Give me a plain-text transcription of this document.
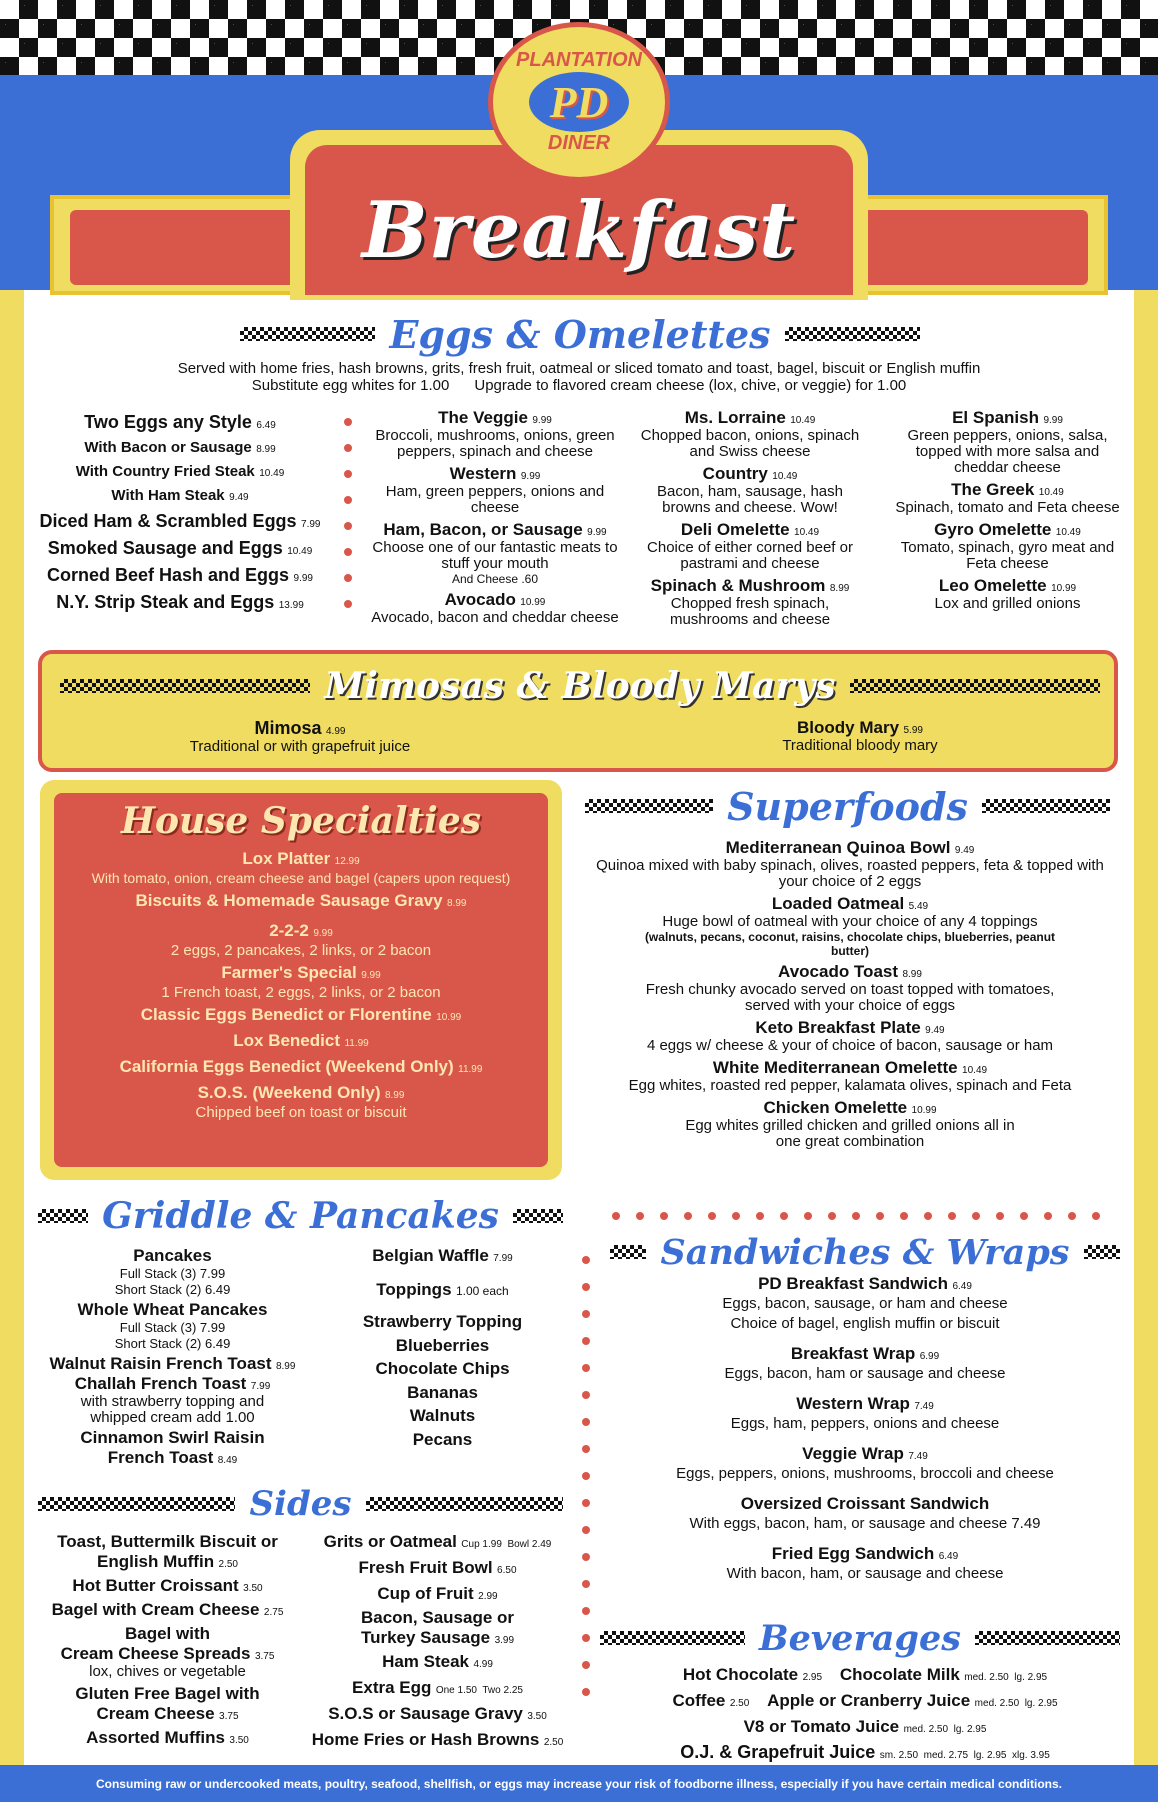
PLANTATION
PD
DINER
Breakfast
Eggs & Omelettes
Served with home fries, hash browns, grits, fresh fruit, oatmeal or sliced tomato and toast, bagel, biscuit or English muffin
Substitute egg whites for 1.00      Upgrade to flavored cream cheese (lox, chive, or veggie) for 1.00
Two Eggs any Style 6.49
With Bacon or Sausage 8.99
With Country Fried Steak 10.49
With Ham Steak 9.49
Diced Ham & Scrambled Eggs 7.99
Smoked Sausage and Eggs 10.49
Corned Beef Hash and Eggs 9.99
N.Y. Strip Steak and Eggs 13.99
The Veggie 9.99
Broccoli, mushrooms, onions, green peppers, spinach and cheese
Western 9.99
Ham, green peppers, onions and cheese
Ham, Bacon, or Sausage 9.99
Choose one of our fantastic meats to stuff your mouth
And Cheese .60
Avocado 10.99
Avocado, bacon and cheddar cheese
Ms. Lorraine 10.49
Chopped bacon, onions, spinach and Swiss cheese
Country 10.49
Bacon, ham, sausage, hash browns and cheese. Wow!
Deli Omelette 10.49
Choice of either corned beef or pastrami and cheese
Spinach & Mushroom 8.99
Chopped fresh spinach, mushrooms and cheese
El Spanish 9.99
Green peppers, onions, salsa, topped with more salsa and cheddar cheese
The Greek 10.49
Spinach, tomato and Feta cheese
Gyro Omelette 10.49
Tomato, spinach, gyro meat and Feta cheese
Leo Omelette 10.99
Lox and grilled onions
Mimosas & Bloody Marys
Mimosa 4.99
Traditional or with grapefruit juice
Bloody Mary 5.99
Traditional bloody mary
House Specialties
Lox Platter 12.99
With tomato, onion, cream cheese and bagel (capers upon request)
Biscuits & Homemade Sausage Gravy 8.99
2-2-2 9.99
2 eggs, 2 pancakes, 2 links, or 2 bacon
Farmer's Special 9.99
1 French toast, 2 eggs, 2 links, or 2 bacon
Classic Eggs Benedict or Florentine 10.99
Lox Benedict 11.99
California Eggs Benedict (Weekend Only) 11.99
S.O.S. (Weekend Only) 8.99
Chipped beef on toast or biscuit
Superfoods
Mediterranean Quinoa Bowl 9.49
Quinoa mixed with baby spinach, olives, roasted peppers, feta & topped with your choice of 2 eggs
Loaded Oatmeal 5.49
Huge bowl of oatmeal with your choice of any 4 toppings
(walnuts, pecans, coconut, raisins, chocolate chips, blueberries, peanut butter)
Avocado Toast 8.99
Fresh chunky avocado served on toast topped with tomatoes, served with your choice of eggs
Keto Breakfast Plate 9.49
4 eggs w/ cheese & your of choice of bacon, sausage or ham
White Mediterranean Omelette 10.49
Egg whites, roasted red pepper, kalamata olives, spinach and Feta
Chicken Omelette 10.99
Egg whites grilled chicken and grilled onions all in one great combination
Griddle & Pancakes
Pancakes
Full Stack (3) 7.99
Short Stack (2) 6.49
Whole Wheat Pancakes
Full Stack (3) 7.99
Short Stack (2) 6.49
Walnut Raisin French Toast 8.99
Challah French Toast 7.99
with strawberry topping and
whipped cream add 1.00
Cinnamon Swirl Raisin
French Toast 8.49
Belgian Waffle 7.99
Toppings 1.00 each
Strawberry Topping
Blueberries
Chocolate Chips
Bananas
Walnuts
Pecans
Sides
Toast, Buttermilk Biscuit or
English Muffin 2.50
Hot Butter Croissant 3.50
Bagel with Cream Cheese 2.75
Bagel with
Cream Cheese Spreads 3.75
lox, chives or vegetable
Gluten Free Bagel with
Cream Cheese 3.75
Assorted Muffins 3.50
Grits or Oatmeal Cup 1.99  Bowl 2.49
Fresh Fruit Bowl 6.50
Cup of Fruit 2.99
Bacon, Sausage or
Turkey Sausage 3.99
Ham Steak 4.99
Extra Egg One 1.50  Two 2.25
S.O.S or Sausage Gravy 3.50
Home Fries or Hash Browns 2.50
Sandwiches & Wraps
PD Breakfast Sandwich 6.49
Eggs, bacon, sausage, or ham and cheese
Choice of bagel, english muffin or biscuit
Breakfast Wrap 6.99
Eggs, bacon, ham or sausage and cheese
Western Wrap 7.49
Eggs, ham, peppers, onions and cheese
Veggie Wrap 7.49
Eggs, peppers, onions, mushrooms, broccoli and cheese
Oversized Croissant Sandwich
With eggs, bacon, ham, or sausage and cheese 7.49
Fried Egg Sandwich 6.49
With bacon, ham, or sausage and cheese
Beverages
Hot Chocolate 2.95 Chocolate Milk med. 2.50  lg. 2.95
Coffee 2.50 Apple or Cranberry Juice med. 2.50  lg. 2.95
V8 or Tomato Juice med. 2.50  lg. 2.95
O.J. & Grapefruit Juice sm. 2.50  med. 2.75  lg. 2.95  xlg. 3.95
Consuming raw or undercooked meats, poultry, seafood, shellfish, or eggs may increase your risk of foodborne illness, especially if you have certain medical conditions.
